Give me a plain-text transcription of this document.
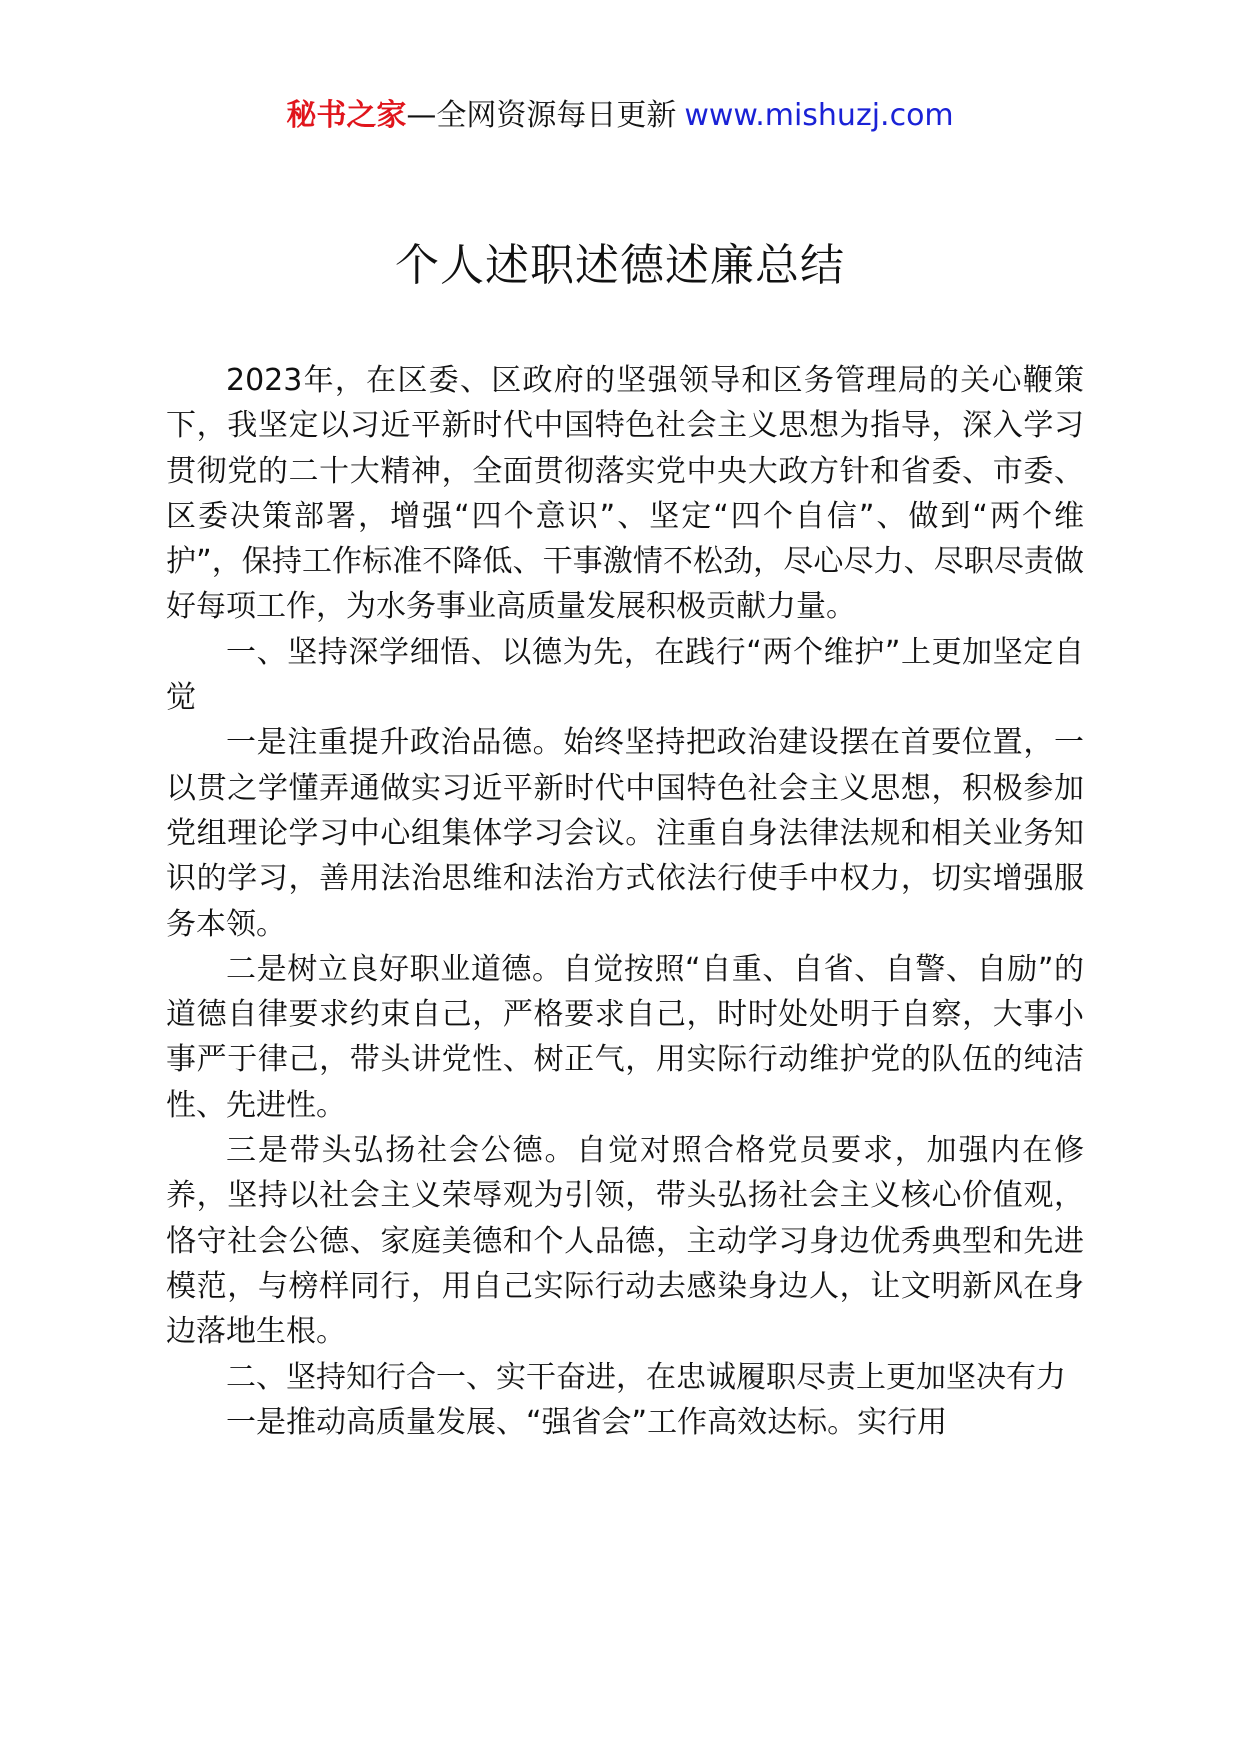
秘书之家—全网资源每日更新 www.mishuzj.com
个人述职述德述廉总结

2023年，在区委、区政府的坚强领导和区务管理局的关心鞭策下，我坚定以习近平新时代中国特色社会主义思想为指导，深入学习贯彻党的二十大精神，全面贯彻落实党中央大政方针和省委、市委、区委决策部署，增强“四个意识”、坚定“四个自信”、做到“两个维护”，保持工作标准不降低、干事激情不松劲，尽心尽力、尽职尽责做好每项工作，为水务事业高质量发展积极贡献力量。

一、坚持深学细悟、以德为先，在践行“两个维护”上更加坚定自觉

一是注重提升政治品德。始终坚持把政治建设摆在首要位置，一以贯之学懂弄通做实习近平新时代中国特色社会主义思想，积极参加党组理论学习中心组集体学习会议。注重自身法律法规和相关业务知识的学习，善用法治思维和法治方式依法行使手中权力，切实增强服务本领。

二是树立良好职业道德。自觉按照“自重、自省、自警、自励”的道德自律要求约束自己，严格要求自己，时时处处明于自察，大事小事严于律己，带头讲党性、树正气，用实际行动维护党的队伍的纯洁性、先进性。

三是带头弘扬社会公德。自觉对照合格党员要求，加强内在修养，坚持以社会主义荣辱观为引领，带头弘扬社会主义核心价值观，恪守社会公德、家庭美德和个人品德，主动学习身边优秀典型和先进模范，与榜样同行，用自己实际行动去感染身边人，让文明新风在身边落地生根。

二、坚持知行合一、实干奋进，在忠诚履职尽责上更加坚决有力

一是推动高质量发展、“强省会”工作高效达标。实行用
